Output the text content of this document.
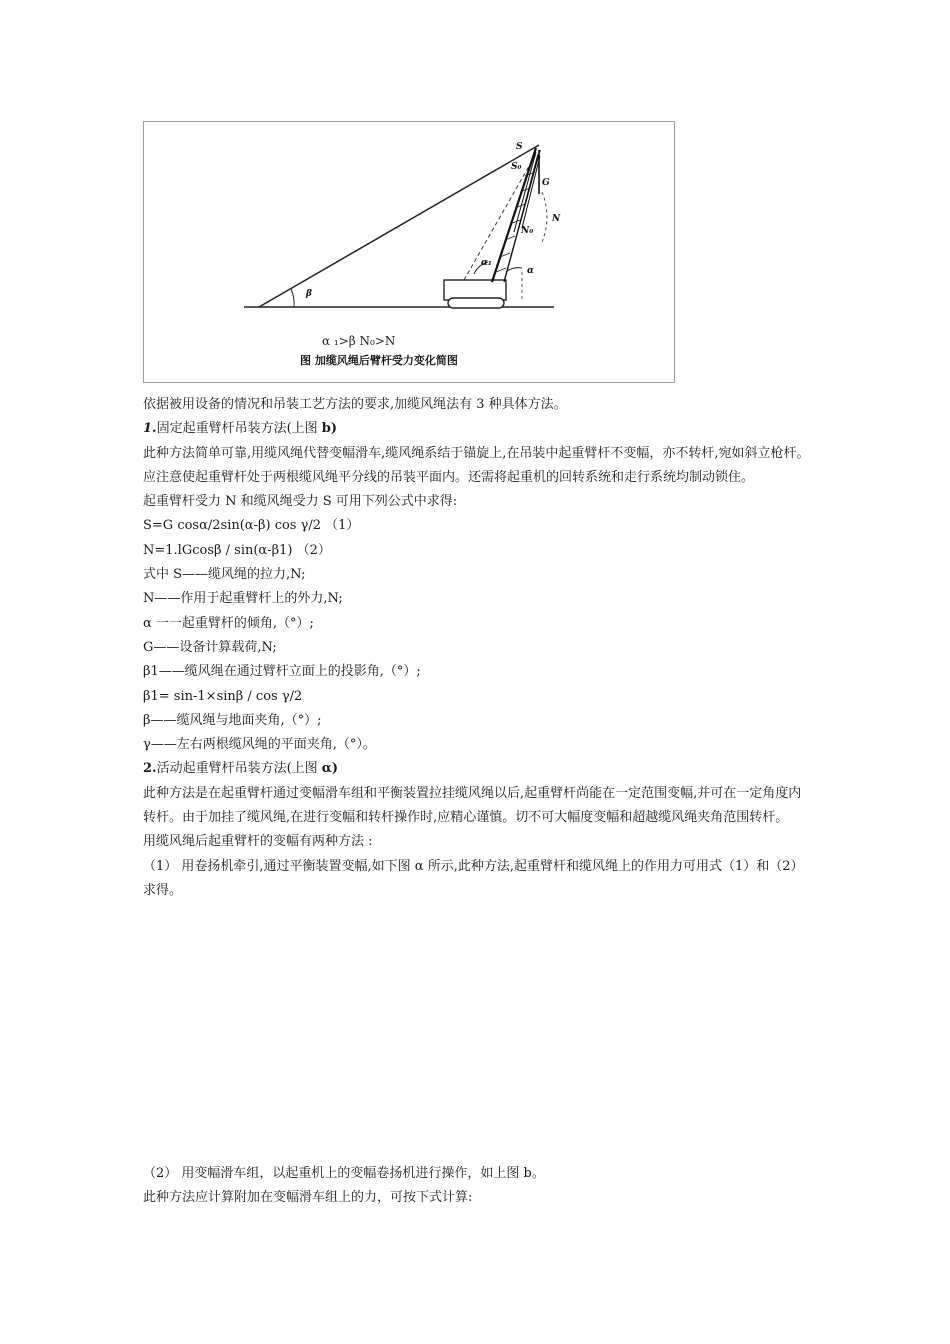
S
S₀
G
N
N₀
α₁
α
β
α ₁>β N₀>N
图 加缆风绳后臂杆受力变化简图

依据被用设备的情况和吊装工艺方法的要求,加缆风绳法有 3 种具体方法。

1.固定起重臂杆吊装方法(上图 b)

此种方法简单可靠,用缆风绳代替变幅滑车,缆风绳系结于锚旋上,在吊装中起重臂杆不变幅，亦不转杆,宛如斜立枪杆。应注意使起重臂杆处于两根缆风绳平分线的吊装平面内。还需将起重机的回转系统和走行系统均制动锁住。

起重臂杆受力 N 和缆风绳受力 S 可用下列公式中求得:

S=G cosα/2sin(α-β) cos γ/2 （1）

N=1.lGcosβ / sin(α-β1) （2）

式中 S——缆风绳的拉力,N;

N——作用于起重臂杆上的外力,N;

α 一一起重臂杆的倾角,（°）;

G——设备计算载荷,N;

β1——缆风绳在通过臂杆立面上的投影角,（°）;

β1= sin-1×sinβ / cos γ/2

β——缆风绳与地面夹角,（°）;

γ——左右两根缆风绳的平面夹角,（°）。

2.活动起重臂杆吊装方法(上图 α)

此种方法是在起重臂杆通过变幅滑车组和平衡装置拉挂缆风绳以后,起重臂杆尚能在一定范围变幅,并可在一定角度内转杆。由于加挂了缆风绳,在进行变幅和转杆操作时,应精心谨慎。切不可大幅度变幅和超越缆风绳夹角范围转杆。

用缆风绳后起重臂杆的变幅有两种方法 :

（1） 用卷扬机牵引,通过平衡装置变幅,如下图 α 所示,此种方法,起重臂杆和缆风绳上的作用力可用式（1）和（2）求得。

（2） 用变幅滑车组，以起重机上的变幅卷扬机进行操作，如上图 b。

此种方法应计算附加在变幅滑车组上的力，可按下式计算:
